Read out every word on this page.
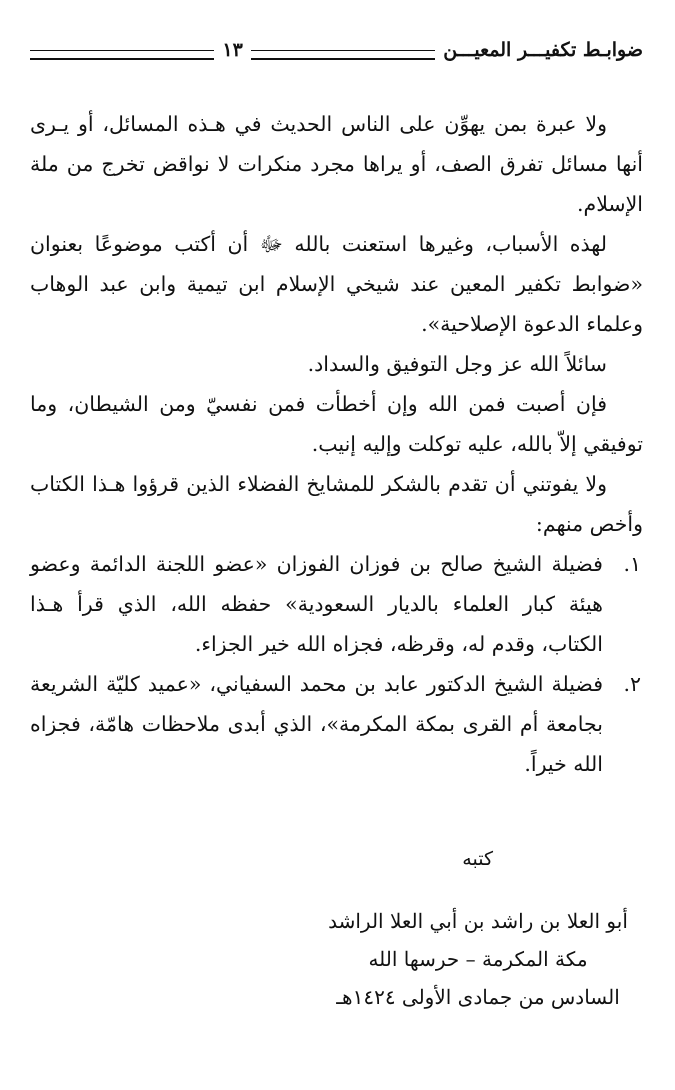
ضوابـط تكفيـــر المعيـــن
١٣

ولا عبرة بمن يهوِّن على الناس الحديث في هـذه المسائل، أو يـرى أنها مسائل تفرق الصف، أو يراها مجرد منكرات لا نواقض تخرج من ملة الإسلام.

لهذه الأسباب، وغيرها استعنت بالله ﷻ أن أكتب موضوعًا بعنوان «ضوابط تكفير المعين عند شيخي الإسلام ابن تيمية وابن عبد الوهاب وعلماء الدعوة الإصلاحية».

سائلاً الله عز وجل التوفيق والسداد.

فإن أصبت فمن الله وإن أخطأت فمن نفسيّ ومن الشيطان، وما توفيقي إلاّ بالله، عليه توكلت وإليه إنيب.

ولا يفوتني أن تقدم بالشكر للمشايخ الفضلاء الذين قرؤوا هـذا الكتاب وأخص منهم:

١.
فضيلة الشيخ صالح بن فوزان الفوزان «عضو اللجنة الدائمة وعضو هيئة كبار العلماء بالديار السعودية» حفظه الله، الذي قرأ هـذا الكتاب، وقدم له، وقرظه، فجزاه الله خير الجزاء.
٢.
فضيلة الشيخ الدكتور عابد بن محمد السفياني، «عميد كليّة الشريعة بجامعة أم القرى بمكة المكرمة»، الذي أبدى ملاحظات هامّة، فجزاه الله خيراً.
كتبه
أبو العلا بن راشد بن أبي العلا الراشد
مكة المكرمة – حرسها الله
السادس من جمادى الأولى ١٤٢٤هـ
